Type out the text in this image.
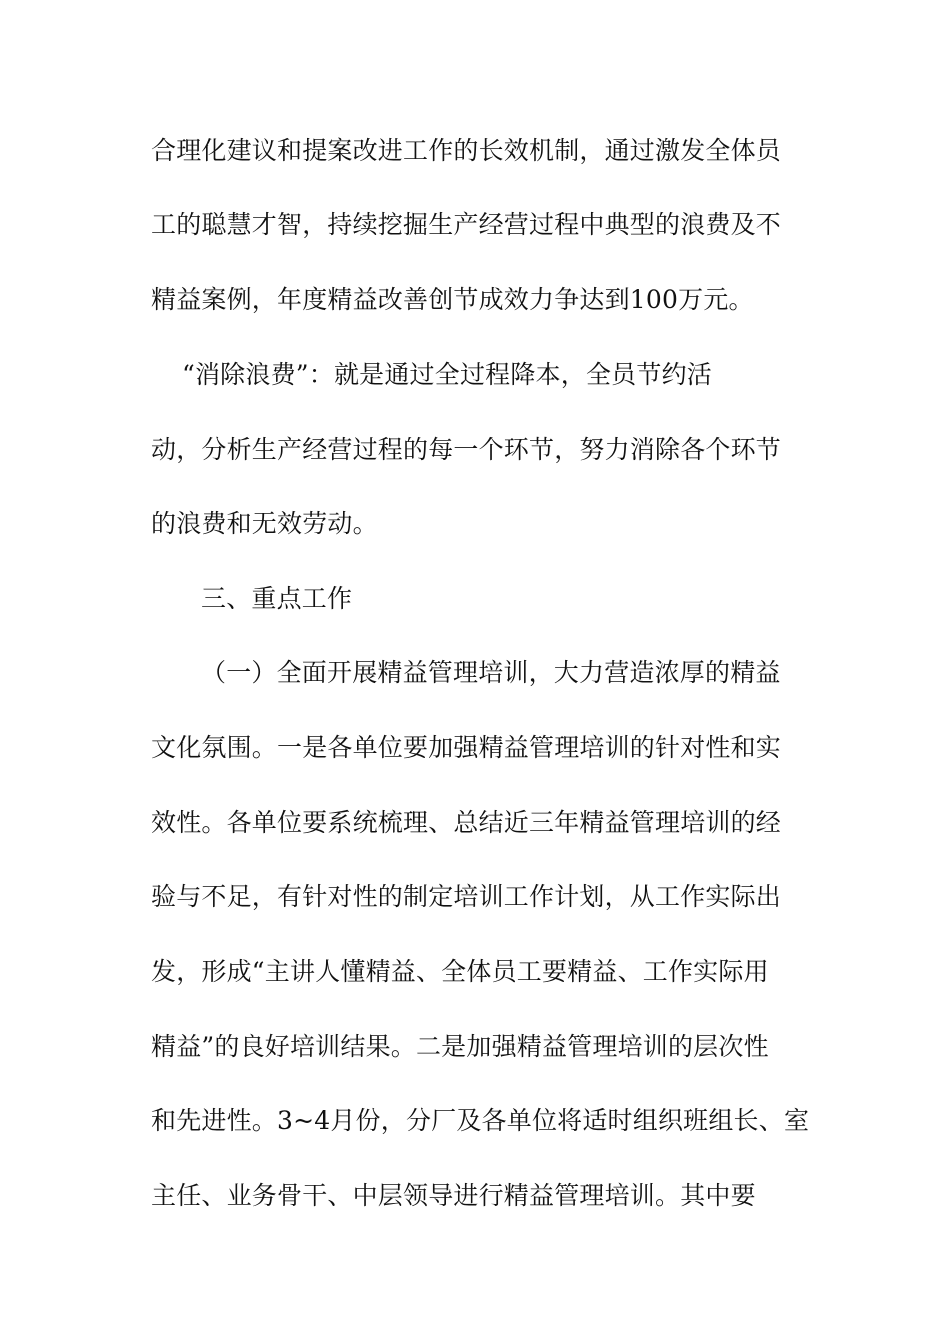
合理化建议和提案改进工作的长效机制，通过激发全体员
工的聪慧才智，持续挖掘生产经营过程中典型的浪费及不
精益案例，年度精益改善创节成效力争达到100万元。
“消除浪费”：就是通过全过程降本，全员节约活
动，分析生产经营过程的每一个环节，努力消除各个环节
的浪费和无效劳动。
三、重点工作
（一）全面开展精益管理培训，大力营造浓厚的精益
文化氛围。一是各单位要加强精益管理培训的针对性和实
效性。各单位要系统梳理、总结近三年精益管理培训的经
验与不足，有针对性的制定培训工作计划，从工作实际出
发，形成“主讲人懂精益、全体员工要精益、工作实际用
精益”的良好培训结果。二是加强精益管理培训的层次性
和先进性。3~4月份，分厂及各单位将适时组织班组长、室
主任、业务骨干、中层领导进行精益管理培训。其中要
